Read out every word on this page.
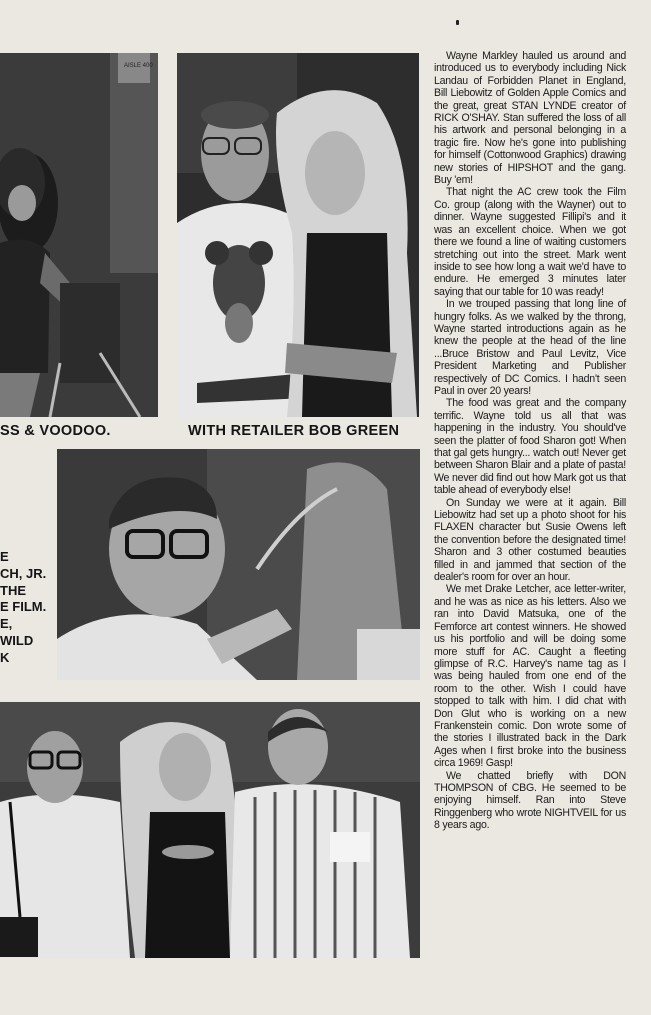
AISLE 400
SS & VOODOO.	WITH RETAILER BOB GREEN
E
CH, JR.
THE
E FILM.
E,
WILD
K

Wayne Markley hauled us around and introduced us to everybody including Nick Landau of Forbidden Planet in England, Bill Liebowitz of Golden Apple Comics and the great, great STAN LYNDE creator of RICK O'SHAY. Stan suffered the loss of all his artwork and personal belonging in a tragic fire. Now he's gone into publishing for himself (Cottonwood Graphics) drawing new stories of HIPSHOT and the gang. Buy 'em!

That night the AC crew took the Film Co. group (along with the Wayner) out to dinner. Wayne suggested Fillipi's and it was an excellent choice. When we got there we found a line of waiting customers stretching out into the street. Mark went inside to see how long a wait we'd have to endure. He emerged 3 minutes later saying that our table for 10 was ready!

In we trouped passing that long line of hungry folks. As we walked by the throng, Wayne started introductions again as he knew the people at the head of the line ...Bruce Bristow and Paul Levitz, Vice President Marketing and Publisher respectively of DC Comics. I hadn't seen Paul in over 20 years!

The food was great and the company terrific. Wayne told us all that was happening in the industry. You should've seen the platter of food Sharon got! When that gal gets hungry... watch out! Never get between Sharon Blair and a plate of pasta! We never did find out how Mark got us that table ahead of everybody else!

On Sunday we were at it again. Bill Liebowitz had set up a photo shoot for his FLAXEN character but Susie Owens left the convention before the designated time! Sharon and 3 other costumed beauties filled in and jammed that section of the dealer's room for over an hour.

We met Drake Letcher, ace letter-writer, and he was as nice as his letters. Also we ran into David Matsuka, one of the Femforce art contest winners. He showed us his portfolio and will be doing some more stuff for AC. Caught a fleeting glimpse of R.C. Harvey's name tag as I was being hauled from one end of the room to the other. Wish I could have stopped to talk with him. I did chat with Don Glut who is working on a new Frankenstein comic. Don wrote some of the stories I illustrated back in the Dark Ages when I first broke into the business circa 1969! Gasp!

We chatted briefly with DON THOMPSON of CBG. He seemed to be enjoying himself. Ran into Steve Ringgenberg who wrote NIGHTVEIL for us 8 years ago.
